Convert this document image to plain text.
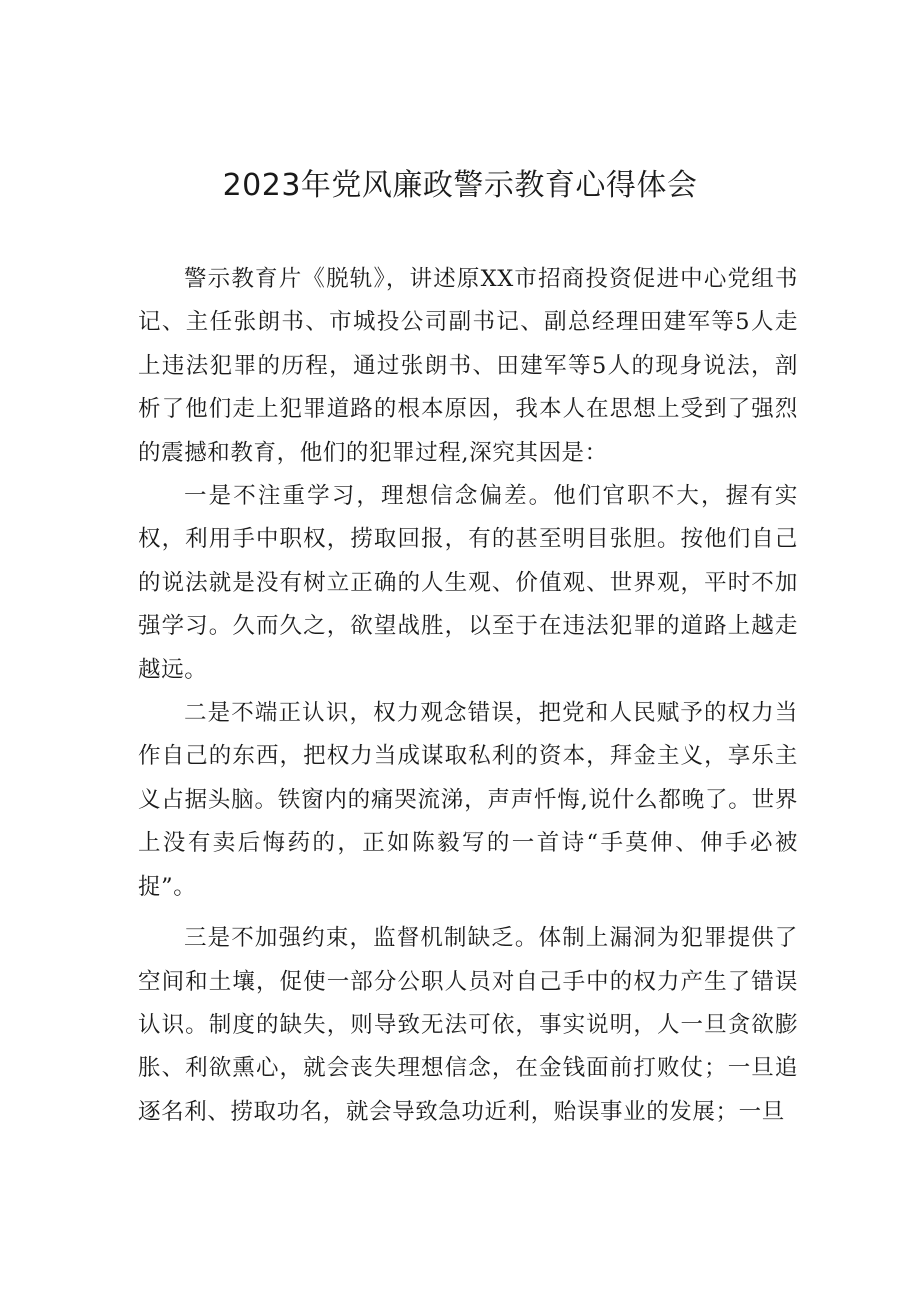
2023年党风廉政警示教育心得体会

警示教育片《脱轨》，讲述原XX市招商投资促进中心党组书记、主任张朗书、市城投公司副书记、副总经理田建军等5人走上违法犯罪的历程，通过张朗书、田建军等5人的现身说法，剖析了他们走上犯罪道路的根本原因，我本人在思想上受到了强烈的震撼和教育，他们的犯罪过程,深究其因是：

一是不注重学习，理想信念偏差。他们官职不大，握有实权，利用手中职权，捞取回报，有的甚至明目张胆。按他们自己的说法就是没有树立正确的人生观、价值观、世界观，平时不加强学习。久而久之，欲望战胜，以至于在违法犯罪的道路上越走越远。

二是不端正认识，权力观念错误，把党和人民赋予的权力当作自己的东西，把权力当成谋取私利的资本，拜金主义，享乐主义占据头脑。铁窗内的痛哭流涕，声声忏悔,说什么都晚了。世界上没有卖后悔药的，正如陈毅写的一首诗“手莫伸、伸手必被捉”。

三是不加强约束，监督机制缺乏。体制上漏洞为犯罪提供了空间和土壤，促使一部分公职人员对自己手中的权力产生了错误认识。制度的缺失，则导致无法可依，事实说明，人一旦贪欲膨胀、利欲熏心，就会丧失理想信念，在金钱面前打败仗；一旦追逐名利、捞取功名，就会导致急功近利，贻误事业的发展；一旦
